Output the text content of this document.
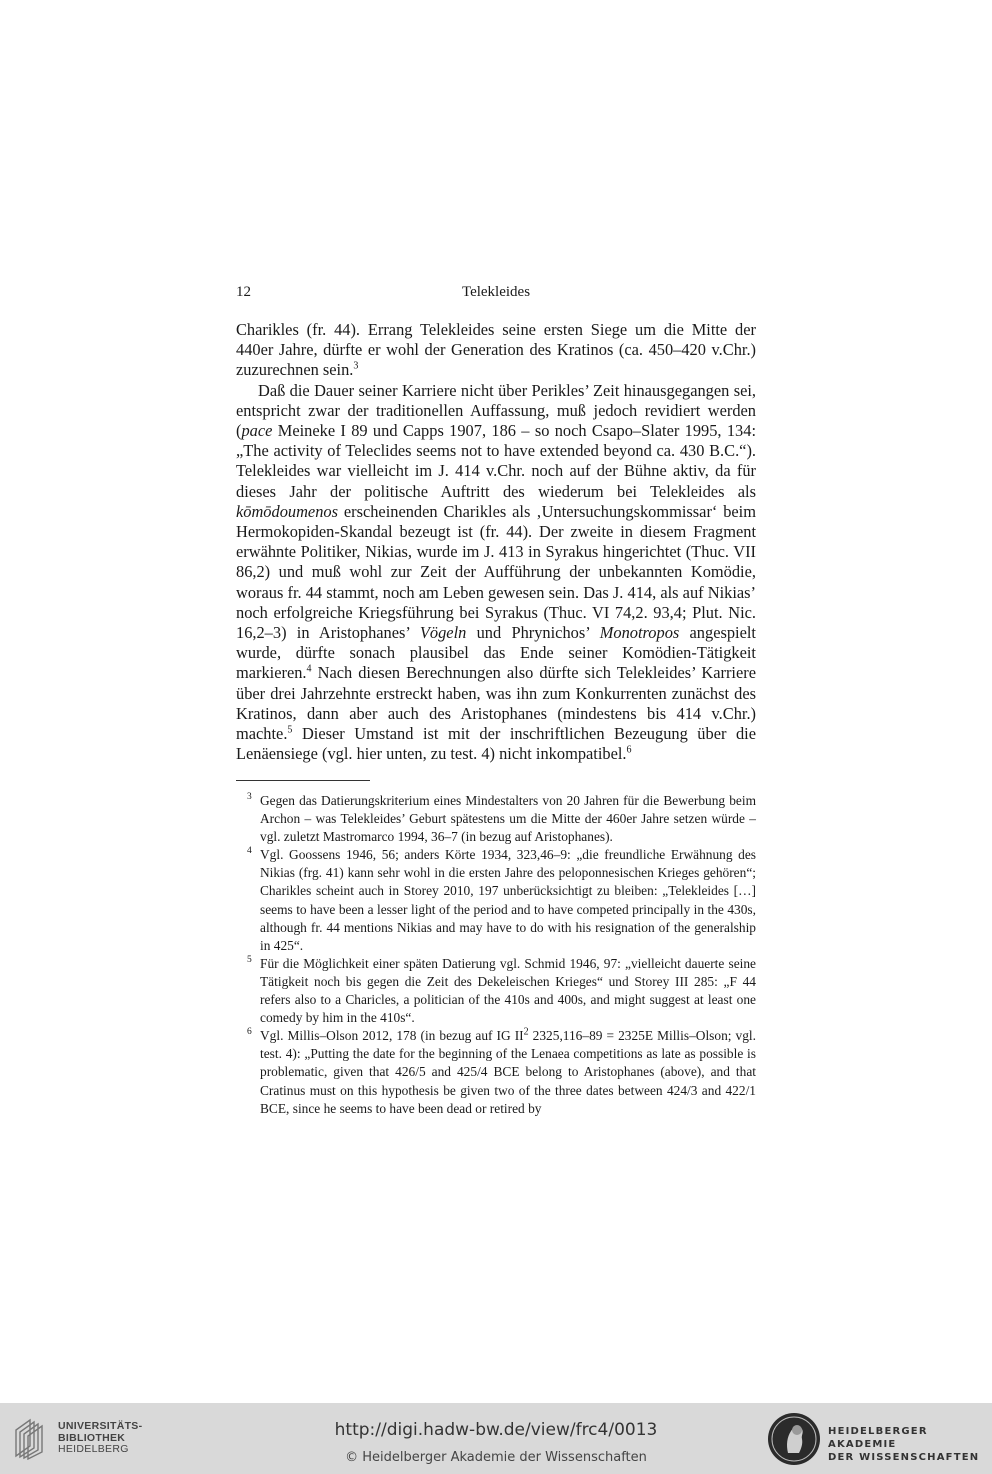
12	Telekleides

Charikles (fr. 44). Errang Telekleides seine ersten Siege um die Mitte der 440er Jahre, dürfte er wohl der Generation des Kratinos (ca. 450–420 v.Chr.) zuzurechnen sein.$^3$

Daß die Dauer seiner Karriere nicht über Perikles’ Zeit hinausgegangen sei, entspricht zwar der traditionellen Auffassung, muß jedoch revidiert werden (pace Meineke I 89 und Capps 1907, 186 – so noch Csapo–Slater 1995, 134: „The activity of Teleclides seems not to have extended beyond ca. 430 B.C.“). Telekleides war vielleicht im J. 414 v.Chr. noch auf der Bühne aktiv, da für dieses Jahr der politische Auftritt des wiederum bei Telekleides als kōmōdoumenos erscheinenden Charikles als ‚Untersuchungskommissar‘ beim Hermokopiden-Skandal bezeugt ist (fr. 44). Der zweite in diesem Fragment erwähnte Politiker, Nikias, wurde im J. 413 in Syrakus hingerichtet (Thuc. VII 86,2) und muß wohl zur Zeit der Aufführung der unbekannten Komödie, woraus fr. 44 stammt, noch am Leben gewesen sein. Das J. 414, als auf Nikias’ noch erfolgreiche Kriegsführung bei Syrakus (Thuc. VI 74,2. 93,4; Plut. Nic. 16,2–3) in Aristophanes’ Vögeln und Phrynichos’ Monotropos angespielt wurde, dürfte sonach plausibel das Ende seiner Komödien-Tätigkeit markieren.$^4$ Nach diesen Berechnungen also dürfte sich Telekleides’ Karriere über drei Jahrzehnte erstreckt haben, was ihn zum Konkurrenten zunächst des Kratinos, dann aber auch des Aristophanes (mindestens bis 414 v.Chr.) machte.$^5$ Dieser Umstand ist mit der inschriftlichen Bezeugung über die Lenäensiege (vgl. hier unten, zu test. 4) nicht inkompatibel.$^6$

3 Gegen das Datierungskriterium eines Mindestalters von 20 Jahren für die Bewerbung beim Archon – was Telekleides’ Geburt spätestens um die Mitte der 460er Jahre setzen würde – vgl. zuletzt Mastromarco 1994, 36–7 (in bezug auf Aristophanes).

4 Vgl. Goossens 1946, 56; anders Körte 1934, 323,46–9: „die freundliche Erwähnung des Nikias (frg. 41) kann sehr wohl in die ersten Jahre des peloponnesischen Krieges gehören“; Charikles scheint auch in Storey 2010, 197 unberücksichtigt zu bleiben: „Telekleides […] seems to have been a lesser light of the period and to have competed principally in the 430s, although fr. 44 mentions Nikias and may have to do with his resignation of the generalship in 425“.

5 Für die Möglichkeit einer späten Datierung vgl. Schmid 1946, 97: „vielleicht dauerte seine Tätigkeit noch bis gegen die Zeit des Dekeleischen Krieges“ und Storey III 285: „F 44 refers also to a Charicles, a politician of the 410s and 400s, and might suggest at least one comedy by him in the 410s“.

6 Vgl. Millis–Olson 2012, 178 (in bezug auf IG $II^2$ 2325,116–89 = 2325E Millis–Olson; vgl. test. 4): „Putting the date for the beginning of the Lenaea competitions as late as possible is problematic, given that 426/5 and 425/4 BCE belong to Aristophanes (above), and that Cratinus must on this hypothesis be given two of the three dates between 424/3 and 422/1 BCE, since he seems to have been dead or retired by

UNIVERSITÄTS-
BIBLIOTHEK
HEIDELBERG
http://digi.hadw-bw.de/view/frc4/0013
© Heidelberger Akademie der Wissenschaften
HEIDELBERGER AKADEMIE
DER WISSENSCHAFTEN
